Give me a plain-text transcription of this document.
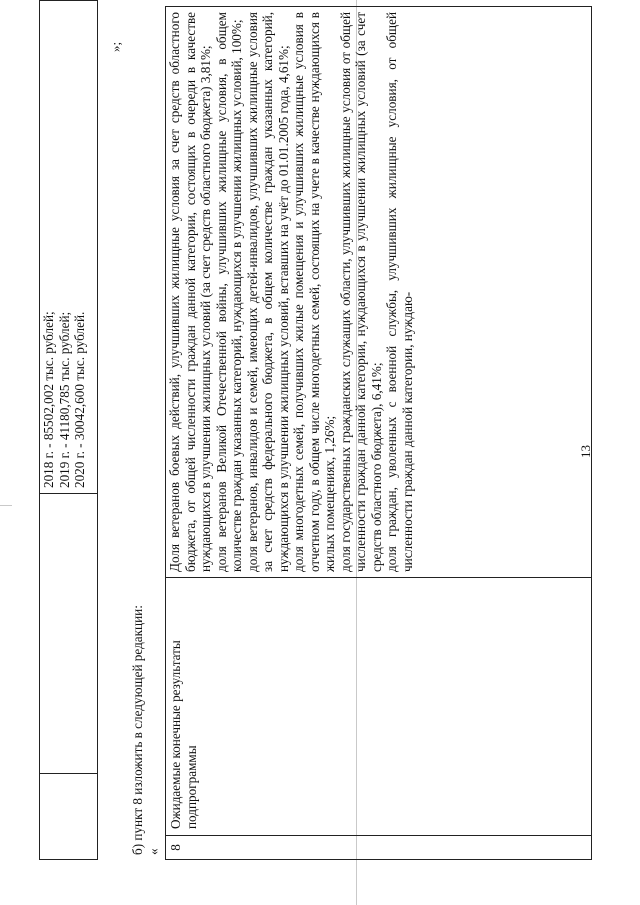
13
2018 г. - 85502,002 тыс. рублей; 2019 г. - 41180,785 тыс. рублей; 2020 г. - 30042,600 тыс. рублей.
»;
б) пункт 8 изложить в следующей редакции: «
8
Ожидаемые конечные результаты подпрограммы

Доля ветеранов боевых действий, улучшивших жилищные условия за счет средств областного бюджета, от общей численности граждан данной категории, состоящих в очереди в качестве нуждающихся в улучшении жилищных условий (за счет средств областного бюджета) 3,81%; доля ветеранов Великой Отечественной войны, улучшивших жилищные условия, в общем количестве граждан указанных категорий, нуждающихся в улучшении жилищных условий, 100%; доля ветеранов, инвалидов и семей, имеющих детей-инвалидов, улучшивших жилищные условия за счет средств федерального бюджета, в общем количестве граждан указанных категорий, нуждающихся в улучшении жилищных условий, вставших на учёт до 01.01.2005 года, 4,61%; доля многодетных семей, получивших жилые помещения и улучшивших жилищные условия в отчетном году, в общем числе многодетных семей, состоящих на учете в качестве нуждающихся в жилых помещениях, 1,26%; доля государственных гражданских служащих области, улучшивших жилищные условия от общей численности граждан данной категории, нуждающихся в улучшении жилищных условий (за счет средств областного бюджета), 6,41%; доля граждан, уволенных с военной службы, улучшивших жилищные условия, от общей численности граждан данной категории, нуждаю-
